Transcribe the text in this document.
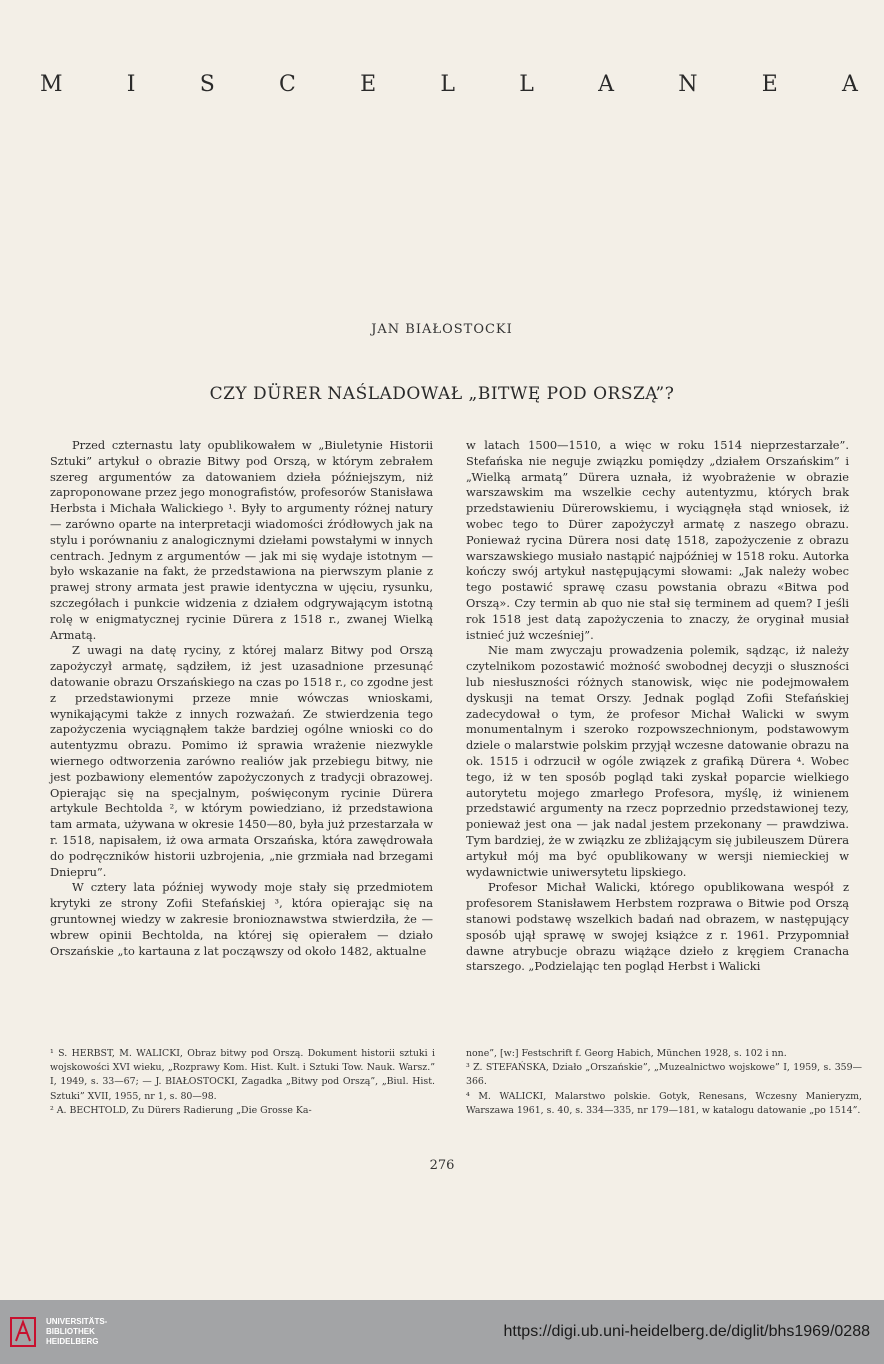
M	I	S	C	E	L	L	A	N	E	A
JAN BIAŁOSTOCKI
CZY DÜRER NAŚLADOWAŁ „BITWĘ POD ORSZĄ”?

Przed czternastu laty opublikowałem w „Biuletynie Historii Sztuki” artykuł o obrazie Bitwy pod Orszą, w którym zebrałem szereg argumentów za datowaniem dzieła późniejszym, niż zaproponowane przez jego monografistów, profesorów Stanisława Herbsta i Michała Walickiego ¹. Były to argumenty różnej natury — zarówno oparte na interpretacji wiadomości źródłowych jak na stylu i porównaniu z analogicznymi dziełami powstałymi w innych centrach. Jednym z argumentów — jak mi się wydaje istotnym — było wskazanie na fakt, że przedstawiona na pierwszym planie z prawej strony armata jest prawie identyczna w ujęciu, rysunku, szczegółach i punkcie widzenia z działem odgrywającym istotną rolę w enigmatycznej rycinie Dürera z 1518 r., zwanej Wielką Armatą.

Z uwagi na datę ryciny, z której malarz Bitwy pod Orszą zapożyczył armatę, sądziłem, iż jest uzasadnione przesunąć datowanie obrazu Orszańskiego na czas po 1518 r., co zgodne jest z przedstawionymi przeze mnie wówczas wnioskami, wynikającymi także z innych rozważań. Ze stwierdzenia tego zapożyczenia wyciągnąłem także bardziej ogólne wnioski co do autentyzmu obrazu. Pomimo iż sprawia wrażenie niezwykle wiernego odtworzenia zarówno realiów jak przebiegu bitwy, nie jest pozbawiony elementów zapożyczonych z tradycji obrazowej. Opierając się na specjalnym, poświęconym rycinie Dürera artykule Bechtolda ², w którym powiedziano, iż przedstawiona tam armata, używana w okresie 1450—80, była już przestarzała w r. 1518, napisałem, iż owa armata Orszańska, która zawędrowała do podręczników historii uzbrojenia, „nie grzmiała nad brzegami Dniepru”.

W cztery lata później wywody moje stały się przedmiotem krytyki ze strony Zofii Stefańskiej ³, która opierając się na gruntownej wiedzy w zakresie bronioznawstwa stwierdziła, że — wbrew opinii Bechtolda, na której się opierałem — działo Orszańskie „to kartauna z lat począwszy od około 1482, aktualne

w latach 1500—1510, a więc w roku 1514 nieprzestarzałe”. Stefańska nie neguje związku pomiędzy „działem Orszańskim” i „Wielką armatą” Dürera uznała, iż wyobrażenie w obrazie warszawskim ma wszelkie cechy autentyzmu, których brak przedstawieniu Dürerowskiemu, i wyciągnęła stąd wniosek, iż wobec tego to Dürer zapożyczył armatę z naszego obrazu. Ponieważ rycina Dürera nosi datę 1518, zapożyczenie z obrazu warszawskiego musiało nastąpić najpóźniej w 1518 roku. Autorka kończy swój artykuł następującymi słowami: „Jak należy wobec tego postawić sprawę czasu powstania obrazu «Bitwa pod Orszą». Czy termin ab quo nie stał się terminem ad quem? I jeśli rok 1518 jest datą zapożyczenia to znaczy, że oryginał musiał istnieć już wcześniej”.

Nie mam zwyczaju prowadzenia polemik, sądząc, iż należy czytelnikom pozostawić możność swobodnej decyzji o słuszności lub niesłuszności różnych stanowisk, więc nie podejmowałem dyskusji na temat Orszy. Jednak pogląd Zofii Stefańskiej zadecydował o tym, że profesor Michał Walicki w swym monumentalnym i szeroko rozpowszechnionym, podstawowym dziele o malarstwie polskim przyjął wczesne datowanie obrazu na ok. 1515 i odrzucił w ogóle związek z grafiką Dürera ⁴. Wobec tego, iż w ten sposób pogląd taki zyskał poparcie wielkiego autorytetu mojego zmarłego Profesora, myślę, iż winienem przedstawić argumenty na rzecz poprzednio przedstawionej tezy, ponieważ jest ona — jak nadal jestem przekonany — prawdziwa. Tym bardziej, że w związku ze zbliżającym się jubileuszem Dürera artykuł mój ma być opublikowany w wersji niemieckiej w wydawnictwie uniwersytetu lipskiego.

Profesor Michał Walicki, którego opublikowana wespół z profesorem Stanisławem Herbstem rozprawa o Bitwie pod Orszą stanowi podstawę wszelkich badań nad obrazem, w następujący sposób ujął sprawę w swojej książce z r. 1961. Przypomniał dawne atrybucje obrazu wiążące dzieło z kręgiem Cranacha starszego. „Podzielając ten pogląd Herbst i Walicki

¹ S. HERBST, M. WALICKI, Obraz bitwy pod Orszą. Dokument historii sztuki i wojskowości XVI wieku, „Rozprawy Kom. Hist. Kult. i Sztuki Tow. Nauk. Warsz.” I, 1949, s. 33—67; — J. BIAŁOSTOCKI, Zagadka „Bitwy pod Orszą”, „Biul. Hist. Sztuki” XVII, 1955, nr 1, s. 80—98.

² A. BECHTOLD, Zu Dürers Radierung „Die Grosse Ka-

none”, [w:] Festschrift f. Georg Habich, München 1928, s. 102 i nn.

³ Z. STEFAŃSKA, Działo „Orszańskie”, „Muzealnictwo wojskowe” I, 1959, s. 359—366.

⁴ M. WALICKI, Malarstwo polskie. Gotyk, Renesans, Wczesny Manieryzm, Warszawa 1961, s. 40, s. 334—335, nr 179—181, w katalogu datowanie „po 1514”.

276
UNIVERSITÄTS-
BIBLIOTHEK
HEIDELBERG
https://digi.ub.uni-heidelberg.de/diglit/bhs1969/0288
